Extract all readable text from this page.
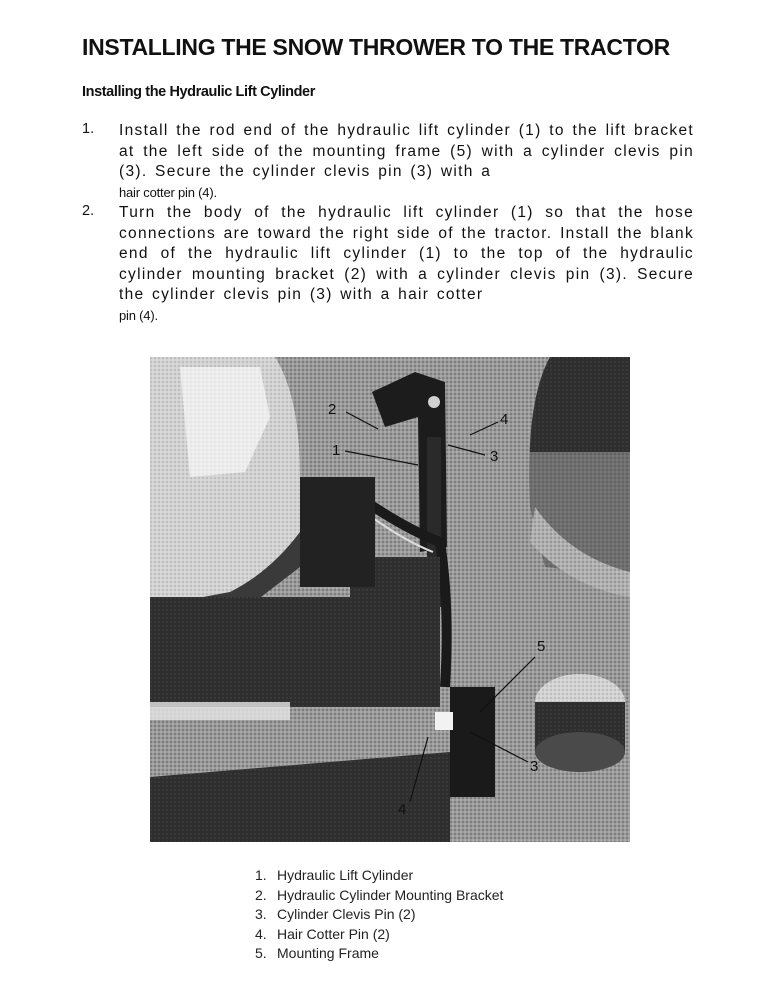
INSTALLING THE SNOW THROWER TO THE TRACTOR
Installing the Hydraulic Lift Cylinder
1. Install the rod end of the hydraulic lift cylinder (1) to the lift bracket at the left side of the mounting frame (5) with a cylinder clevis pin (3). Secure the cylinder clevis pin (3) with a
hair cotter pin (4).
2. Turn the body of the hydraulic lift cylinder (1) so that the hose connections are toward the right side of the tractor. Install the blank end of the hydraulic lift cylinder (1) to the top of the hydraulic cylinder mounting bracket (2) with a cylinder clevis pin (3). Secure the cylinder clevis pin (3) with a hair cotter
pin (4).
2
4
1	3
5
3
4
1. Hydraulic Lift Cylinder
2. Hydraulic Cylinder Mounting Bracket
3. Cylinder Clevis Pin (2)
4. Hair Cotter Pin (2)
5. Mounting Frame
